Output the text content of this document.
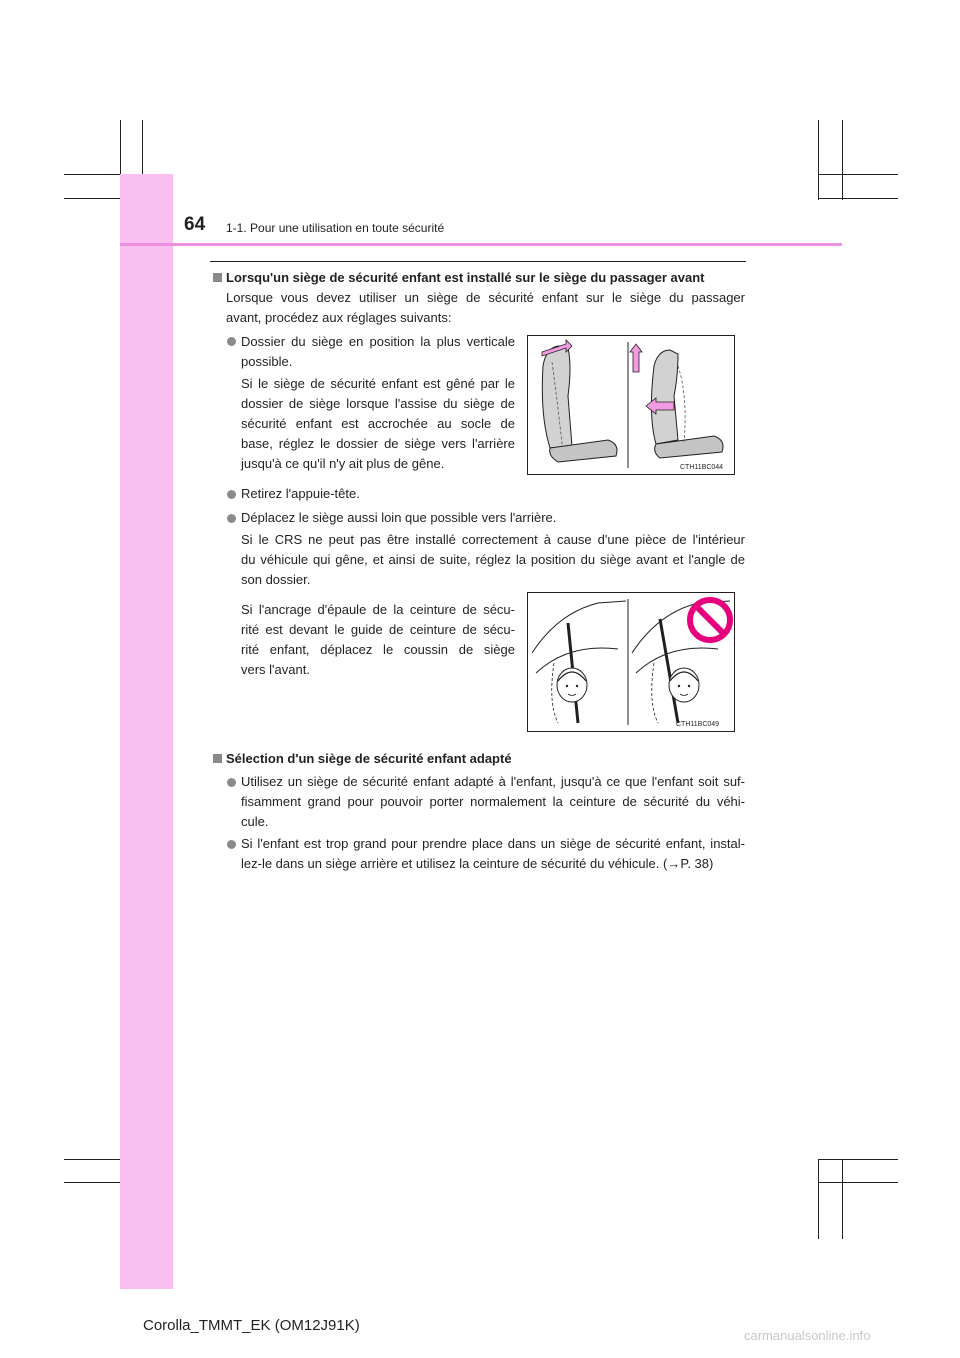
64 1-1. Pour une utilisation en toute sécurité

Lorsqu'un siège de sécurité enfant est installé sur le siège du passager avant

Lorsque vous devez utiliser un siège de sécurité enfant sur le siège du passager

avant, procédez aux réglages suivants:

Dossier du siège en position la plus verticale

possible.

Si le siège de sécurité enfant est gêné par le

dossier de siège lorsque l'assise du siège de

sécurité enfant est accrochée au socle de

base, réglez le dossier de siège vers l'arrière

jusqu'à ce qu'il n'y ait plus de gêne.	CTH11BC044

Retirez l'appuie-tête.

Déplacez le siège aussi loin que possible vers l'arrière.

Si le CRS ne peut pas être installé correctement à cause d'une pièce de l'intérieur

du véhicule qui gêne, et ainsi de suite, réglez la position du siège avant et l'angle de

son dossier.

Si l'ancrage d'épaule de la ceinture de sécu-

rité est devant le guide de ceinture de sécu-

rité enfant, déplacez le coussin de siège

vers l'avant.

CTH11BC049

Sélection d'un siège de sécurité enfant adapté

Utilisez un siège de sécurité enfant adapté à l'enfant, jusqu'à ce que l'enfant soit suf-

fisamment grand pour pouvoir porter normalement la ceinture de sécurité du véhi-

cule.

Si l'enfant est trop grand pour prendre place dans un siège de sécurité enfant, instal-

lez-le dans un siège arrière et utilisez la ceinture de sécurité du véhicule. (→P. 38)

Corolla_TMMT_EK (OM12J91K)
carmanualsonline.info
